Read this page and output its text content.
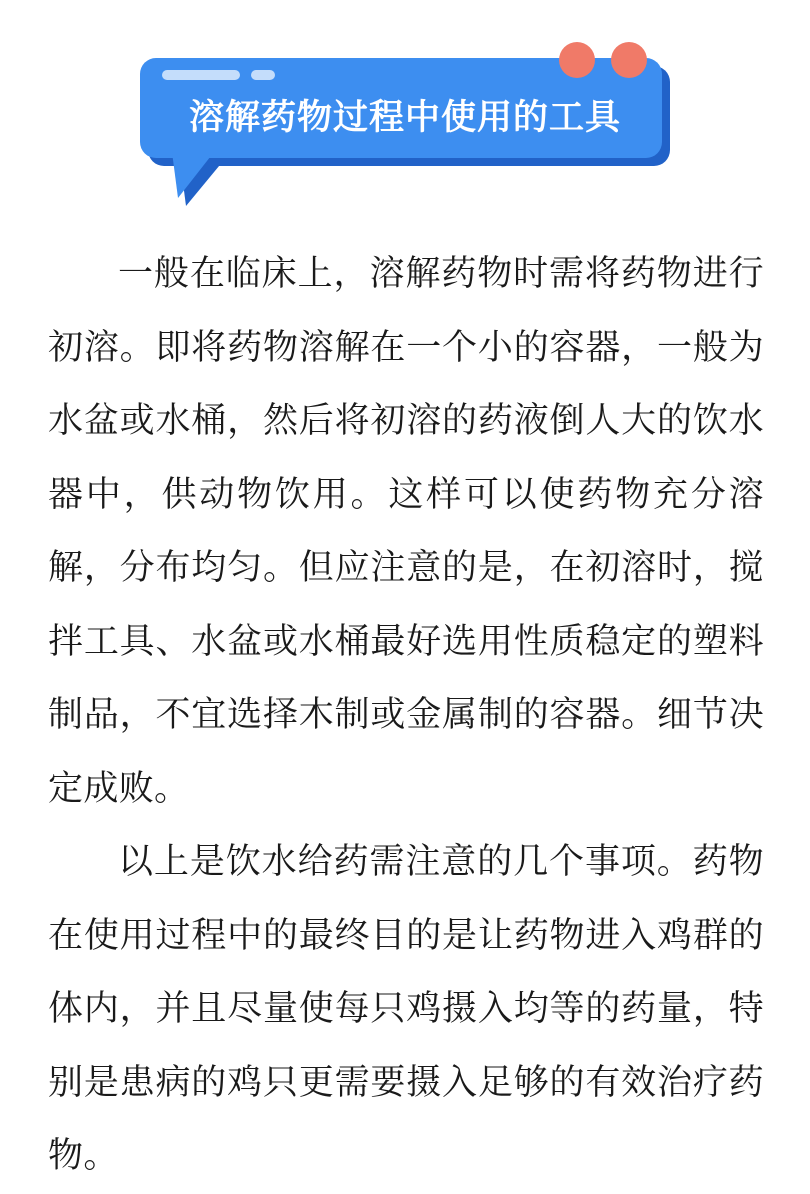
溶解药物过程中使用的工具

一般在临床上，溶解药物时需将药物进行初溶。即将药物溶解在一个小的容器，一般为水盆或水桶，然后将初溶的药液倒人大的饮水器中，供动物饮用。这样可以使药物充分溶解，分布均匀。但应注意的是，在初溶时，搅拌工具、水盆或水桶最好选用性质稳定的塑料制品，不宜选择木制或金属制的容器。细节决定成败。

以上是饮水给药需注意的几个事项。药物在使用过程中的最终目的是让药物进入鸡群的体内，并且尽量使每只鸡摄入均等的药量，特别是患病的鸡只更需要摄入足够的有效治疗药物。
